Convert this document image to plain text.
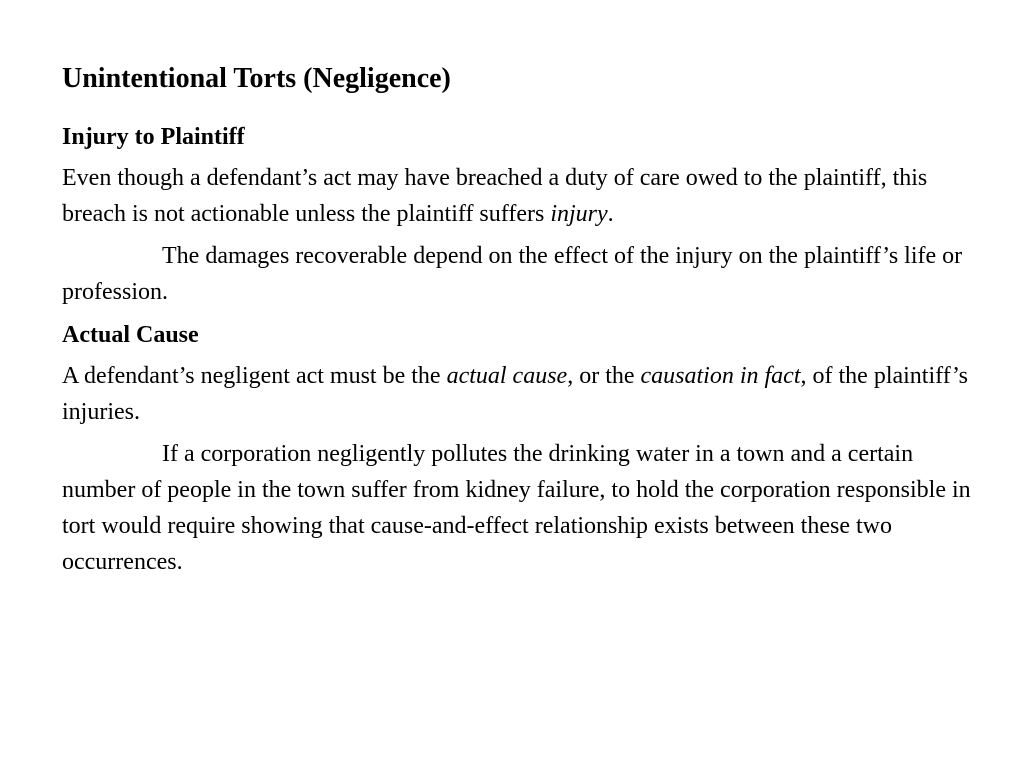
Unintentional Torts (Negligence)
Injury to Plaintiff
Even though a defendant’s act may have breached a duty of care owed to the plaintiff, this breach is not actionable unless the plaintiff suffers injury.
The damages recoverable depend on the effect of the injury on the plaintiff’s life or profession.
Actual Cause
A defendant’s negligent act must be the actual cause, or the causation in fact, of the plaintiff’s injuries.
If a corporation negligently pollutes the drinking water in a town and a certain number of people in the town suffer from kidney failure, to hold the corporation responsible in tort would require showing that cause-and-effect relationship exists between these two occurrences.
